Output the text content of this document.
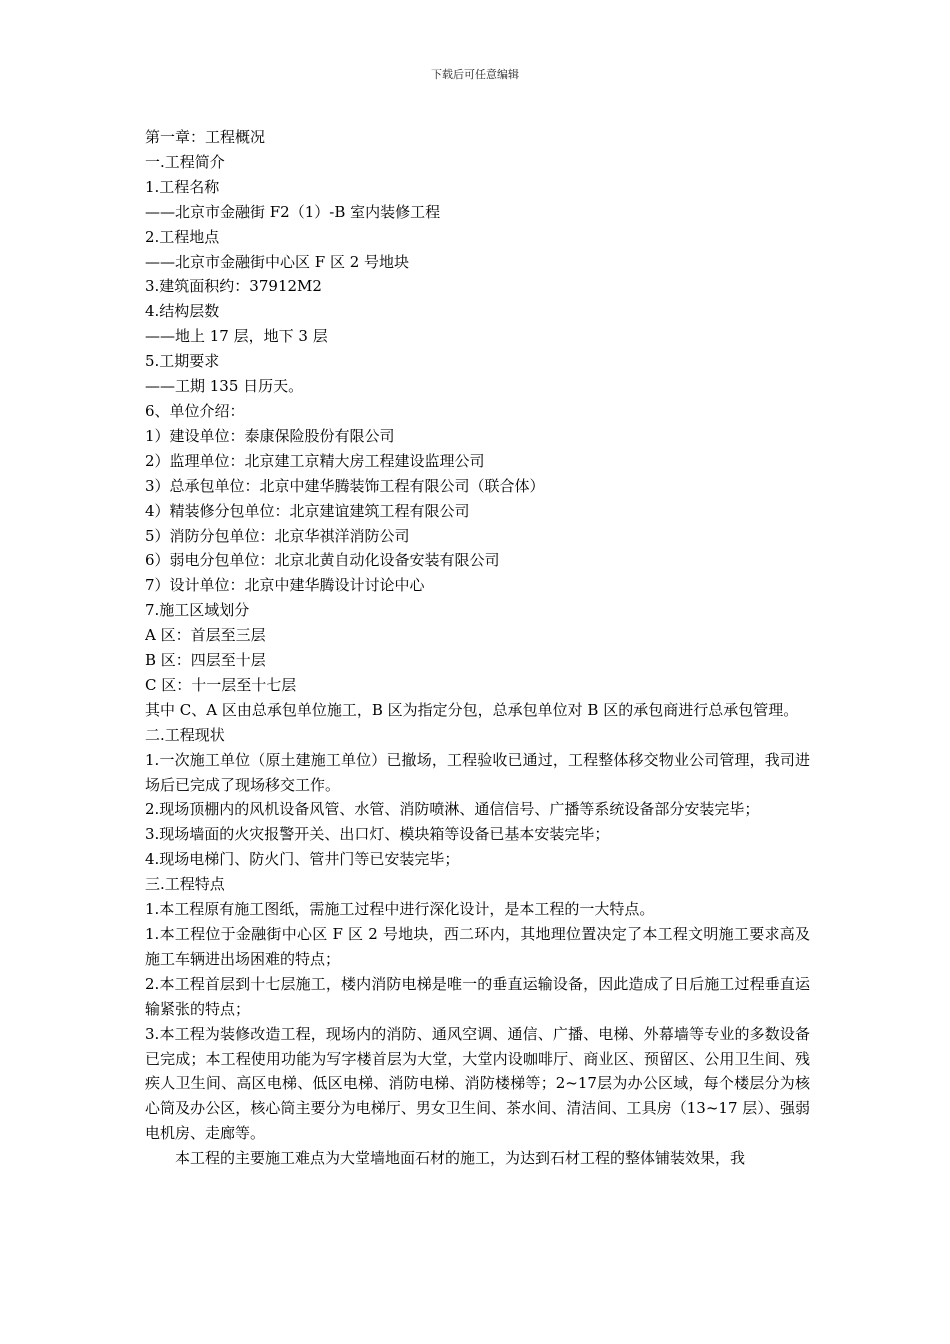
下载后可任意编辑
第一章：工程概况
一.工程简介
1.工程名称
——北京市金融街 F2（1）-B 室内装修工程
2.工程地点
——北京市金融街中心区 F 区 2 号地块
3.建筑面积约：37912M2
4.结构层数
——地上 17 层，地下 3 层
5.工期要求
——工期 135 日历天。
6、单位介绍：
1）建设单位：泰康保险股份有限公司
2）监理单位：北京建工京精大房工程建设监理公司
3）总承包单位：北京中建华腾装饰工程有限公司（联合体）
4）精装修分包单位：北京建谊建筑工程有限公司
5）消防分包单位：北京华祺洋消防公司
6）弱电分包单位：北京北黄自动化设备安装有限公司
7）设计单位：北京中建华腾设计讨论中心
7.施工区域划分
A 区：首层至三层
B 区：四层至十层
C 区：十一层至十七层
其中 C、A 区由总承包单位施工，B 区为指定分包，总承包单位对 B 区的承包商进行总承包管理。
二.工程现状
1.一次施工单位（原土建施工单位）已撤场，工程验收已通过，工程整体移交物业公司管理，我司进场后已完成了现场移交工作。
2.现场顶棚内的风机设备风管、水管、消防喷淋、通信信号、广播等系统设备部分安装完毕；
3.现场墙面的火灾报警开关、出口灯、模块箱等设备已基本安装完毕；
4.现场电梯门、防火门、管井门等已安装完毕；
三.工程特点
1.本工程原有施工图纸，需施工过程中进行深化设计，是本工程的一大特点。
1.本工程位于金融街中心区 F 区 2 号地块，西二环内，其地理位置决定了本工程文明施工要求高及施工车辆进出场困难的特点；
2.本工程首层到十七层施工，楼内消防电梯是唯一的垂直运输设备，因此造成了日后施工过程垂直运输紧张的特点；
3.本工程为装修改造工程，现场内的消防、通风空调、通信、广播、电梯、外幕墙等专业的多数设备已完成；本工程使用功能为写字楼首层为大堂，大堂内设咖啡厅、商业区、预留区、公用卫生间、残疾人卫生间、高区电梯、低区电梯、消防电梯、消防楼梯等；2~17层为办公区域，每个楼层分为核心筒及办公区，核心筒主要分为电梯厅、男女卫生间、茶水间、清洁间、工具房（13~17 层）、强弱电机房、走廊等。
本工程的主要施工难点为大堂墙地面石材的施工，为达到石材工程的整体铺装效果，我
